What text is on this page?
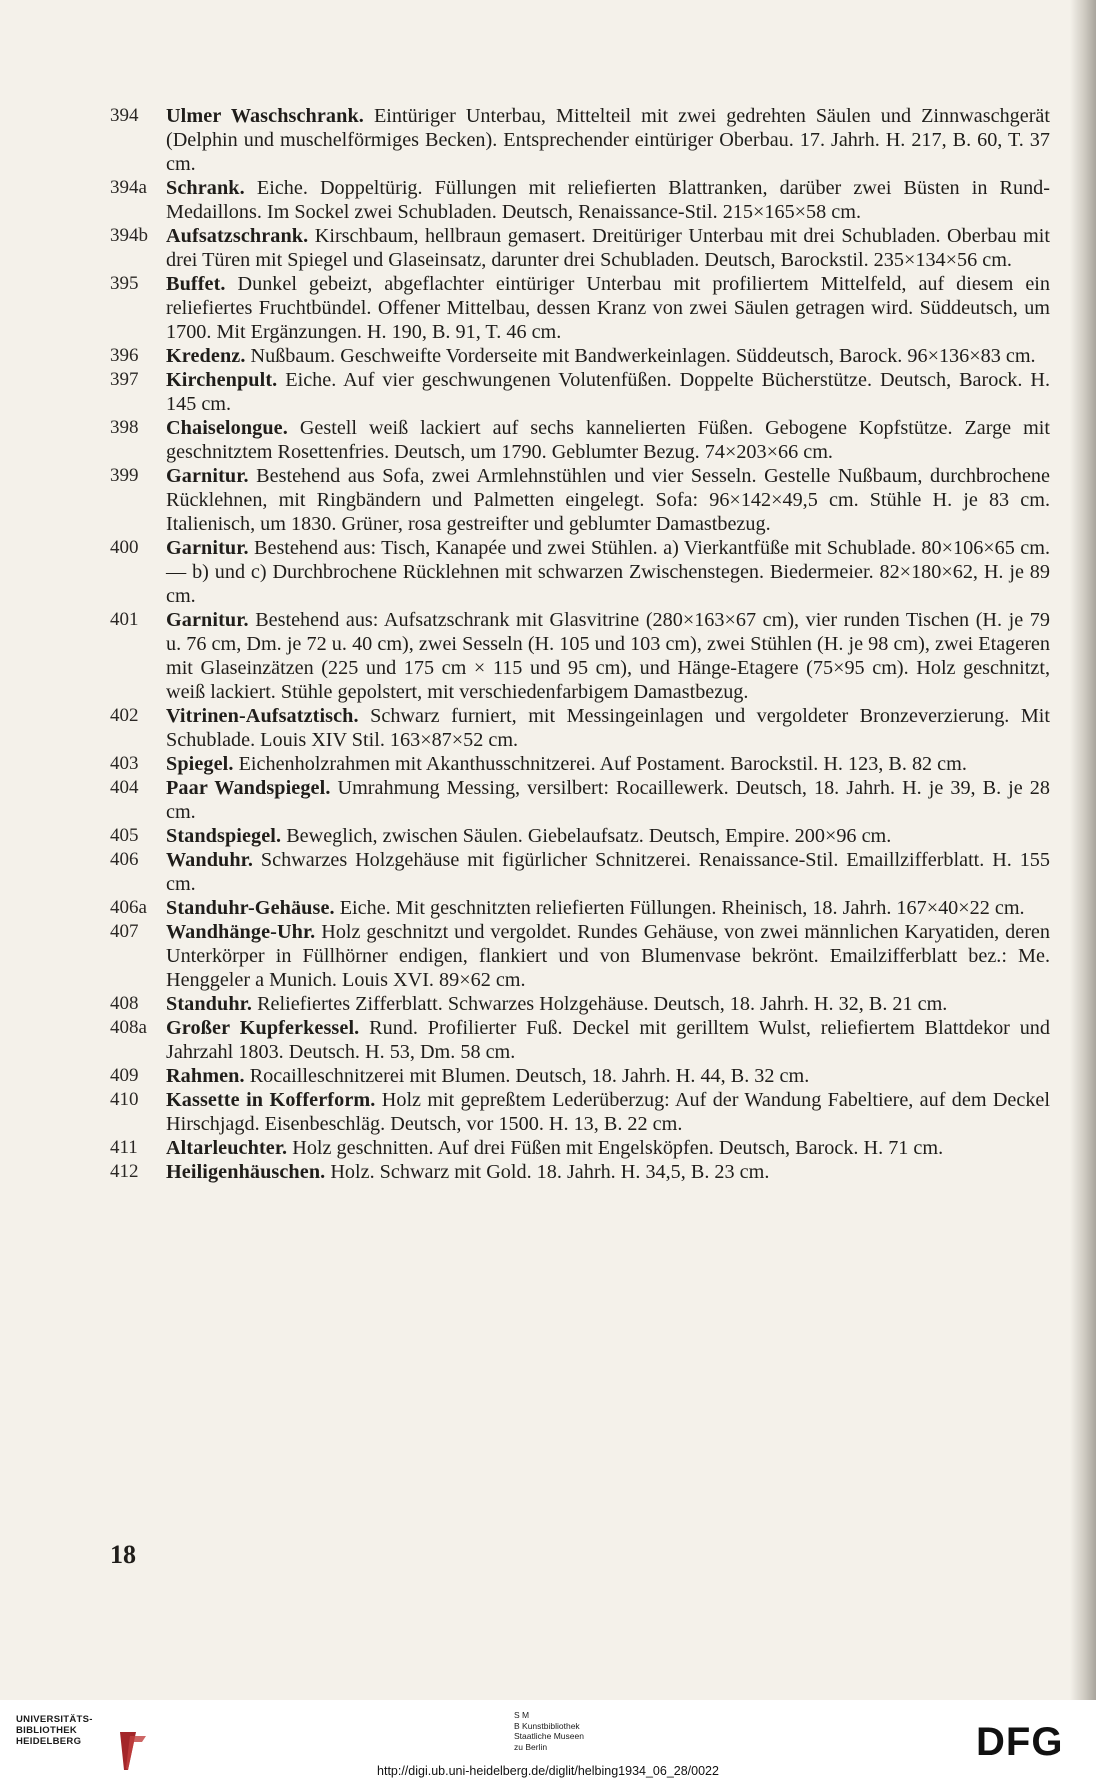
394	Ulmer Waschschrank. Eintüriger Unterbau, Mittelteil mit zwei gedrehten Säulen und Zinnwaschgerät (Delphin und muschelförmiges Becken). Entsprechender eintüriger Oberbau. 17. Jahrh. H. 217, B. 60, T. 37 cm.
394a Schrank. Eiche. Doppeltürig. Füllungen mit reliefierten Blattranken, darüber zwei Büsten in Rund-Medaillons. Im Sockel zwei Schubladen. Deutsch, Renaissance-Stil. 215×165×58 cm.
394b Aufsatzschrank. Kirschbaum, hellbraun gemasert. Dreitüriger Unterbau mit drei Schubladen. Oberbau mit drei Türen mit Spiegel und Glaseinsatz, darunter drei Schubladen. Deutsch, Barockstil. 235×134×56 cm.
395	Buffet. Dunkel gebeizt, abgeflachter eintüriger Unterbau mit profiliertem Mittelfeld, auf diesem ein reliefiertes Fruchtbündel. Offener Mittelbau, dessen Kranz von zwei Säulen getragen wird. Süddeutsch, um 1700. Mit Ergänzungen. H. 190, B. 91, T. 46 cm.
396	Kredenz. Nußbaum. Geschweifte Vorderseite mit Bandwerkeinlagen. Süddeutsch, Barock. 96×136×83 cm.
397	Kirchenpult. Eiche. Auf vier geschwungenen Volutenfüßen. Doppelte Bücherstütze. Deutsch, Barock. H. 145 cm.
398	Chaiselongue. Gestell weiß lackiert auf sechs kannelierten Füßen. Gebogene Kopfstütze. Zarge mit geschnitztem Rosettenfries. Deutsch, um 1790. Geblumter Bezug. 74×203×66 cm.
399	Garnitur. Bestehend aus Sofa, zwei Armlehnstühlen und vier Sesseln. Gestelle Nußbaum, durchbrochene Rücklehnen, mit Ringbändern und Palmetten eingelegt. Sofa: 96×142×49,5 cm. Stühle H. je 83 cm. Italienisch, um 1830. Grüner, rosa gestreifter und geblumter Damastbezug.
400	Garnitur. Bestehend aus: Tisch, Kanapée und zwei Stühlen. a) Vierkantfüße mit Schublade. 80×106×65 cm. — b) und c) Durchbrochene Rücklehnen mit schwarzen Zwischenstegen. Biedermeier. 82×180×62, H. je 89 cm.
401	Garnitur. Bestehend aus: Aufsatzschrank mit Glasvitrine (280×163×67 cm), vier runden Tischen (H. je 79 u. 76 cm, Dm. je 72 u. 40 cm), zwei Sesseln (H. 105 und 103 cm), zwei Stühlen (H. je 98 cm), zwei Etageren mit Glaseinzätzen (225 und 175 cm × 115 und 95 cm), und Hänge-Etagere (75×95 cm). Holz geschnitzt, weiß lackiert. Stühle gepolstert, mit verschiedenfarbigem Damastbezug.
402	Vitrinen-Aufsatztisch. Schwarz furniert, mit Messingeinlagen und vergoldeter Bronzeverzierung. Mit Schublade. Louis XIV Stil. 163×87×52 cm.
403	Spiegel. Eichenholzrahmen mit Akanthusschnitzerei. Auf Postament. Barockstil. H. 123, B. 82 cm.
404	Paar Wandspiegel. Umrahmung Messing, versilbert: Rocaillewerk. Deutsch, 18. Jahrh. H. je 39, B. je 28 cm.
405	Standspiegel. Beweglich, zwischen Säulen. Giebelaufsatz. Deutsch, Empire. 200×96 cm.
406	Wanduhr. Schwarzes Holzgehäuse mit figürlicher Schnitzerei. Renaissance-Stil. Emaillzifferblatt. H. 155 cm.
406a Standuhr-Gehäuse. Eiche. Mit geschnitzten reliefierten Füllungen. Rheinisch, 18. Jahrh. 167×40×22 cm.
407	Wandhänge-Uhr. Holz geschnitzt und vergoldet. Rundes Gehäuse, von zwei männlichen Karyatiden, deren Unterkörper in Füllhörner endigen, flankiert und von Blumenvase bekrönt. Emailzifferblatt bez.: Me. Henggeler a Munich. Louis XVI. 89×62 cm.
408	Standuhr. Reliefiertes Zifferblatt. Schwarzes Holzgehäuse. Deutsch, 18. Jahrh. H. 32, B. 21 cm.
408a Großer Kupferkessel. Rund. Profilierter Fuß. Deckel mit gerilltem Wulst, reliefiertem Blattdekor und Jahrzahl 1803. Deutsch. H. 53, Dm. 58 cm.
409	Rahmen. Rocailleschnitzerei mit Blumen. Deutsch, 18. Jahrh. H. 44, B. 32 cm.
410	Kassette in Kofferform. Holz mit gepreßtem Lederüberzug: Auf der Wandung Fabeltiere, auf dem Deckel Hirschjagd. Eisenbeschläg. Deutsch, vor 1500. H. 13, B. 22 cm.
411	Altarleuchter. Holz geschnitten. Auf drei Füßen mit Engelsköpfen. Deutsch, Barock. H. 71 cm.
412	Heiligenhäuschen. Holz. Schwarz mit Gold. 18. Jahrh. H. 34,5, B. 23 cm.
18
UNIVERSITÄTS-
BIBLIOTHEK
HEIDELBERG
S M
B Kunstbibliothek
Staatliche Museen
zu Berlin	DFG
http://digi.ub.uni-heidelberg.de/diglit/helbing1934_06_28/0022
